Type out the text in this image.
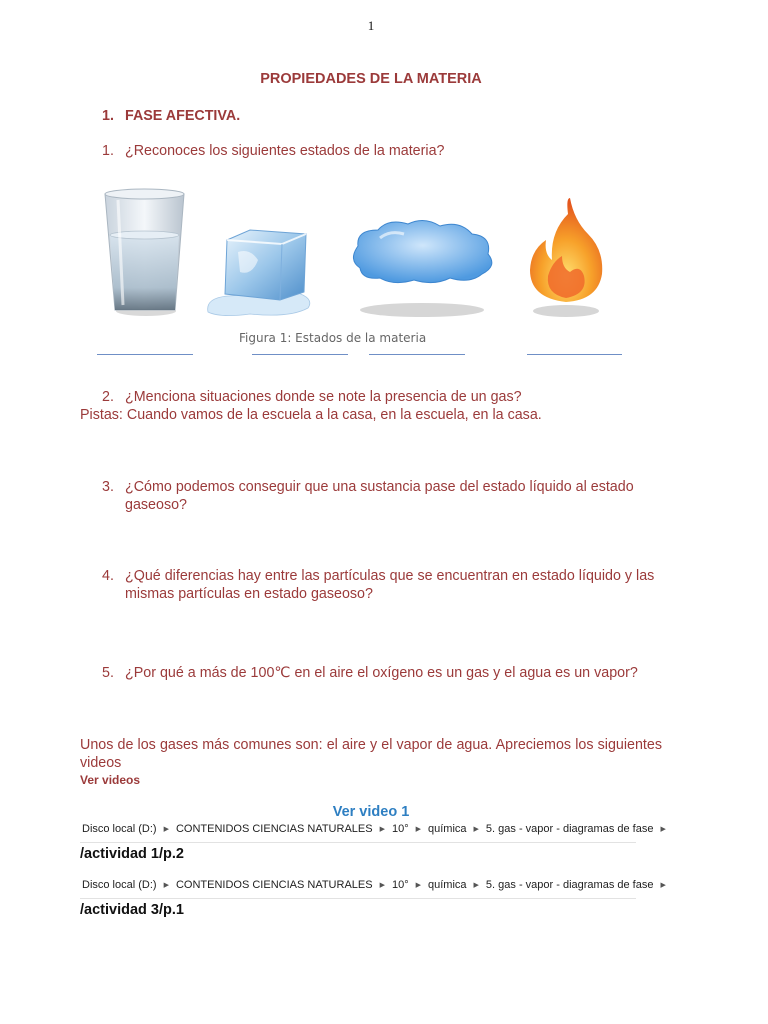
1
PROPIEDADES DE LA MATERIA
1. FASE AFECTIVA.
1. ¿Reconoces los siguientes estados de la materia?
Figura 1: Estados de la materia
2. ¿Menciona situaciones donde se note la presencia de un gas?
Pistas: Cuando vamos de la escuela a la casa, en la escuela, en la casa.
3. ¿Cómo podemos conseguir que una sustancia pase del estado líquido al estado gaseoso?
4. ¿Qué diferencias hay entre las partículas que se encuentran en estado líquido y las mismas partículas en estado gaseoso?
5. ¿Por qué a más de 100℃ en el aire el oxígeno es un gas y el agua es un vapor?
Unos de los gases más comunes son: el aire y el vapor de agua. Apreciemos los siguientes videos
Ver videos
Ver video 1
Disco local (D:) ▶ CONTENIDOS CIENCIAS NATURALES ▶ 10° ▶ química ▶ 5. gas - vapor - diagramas de fase ▶
/actividad 1/p.2
Disco local (D:) ▶ CONTENIDOS CIENCIAS NATURALES ▶ 10° ▶ química ▶ 5. gas - vapor - diagramas de fase ▶
/actividad 3/p.1
